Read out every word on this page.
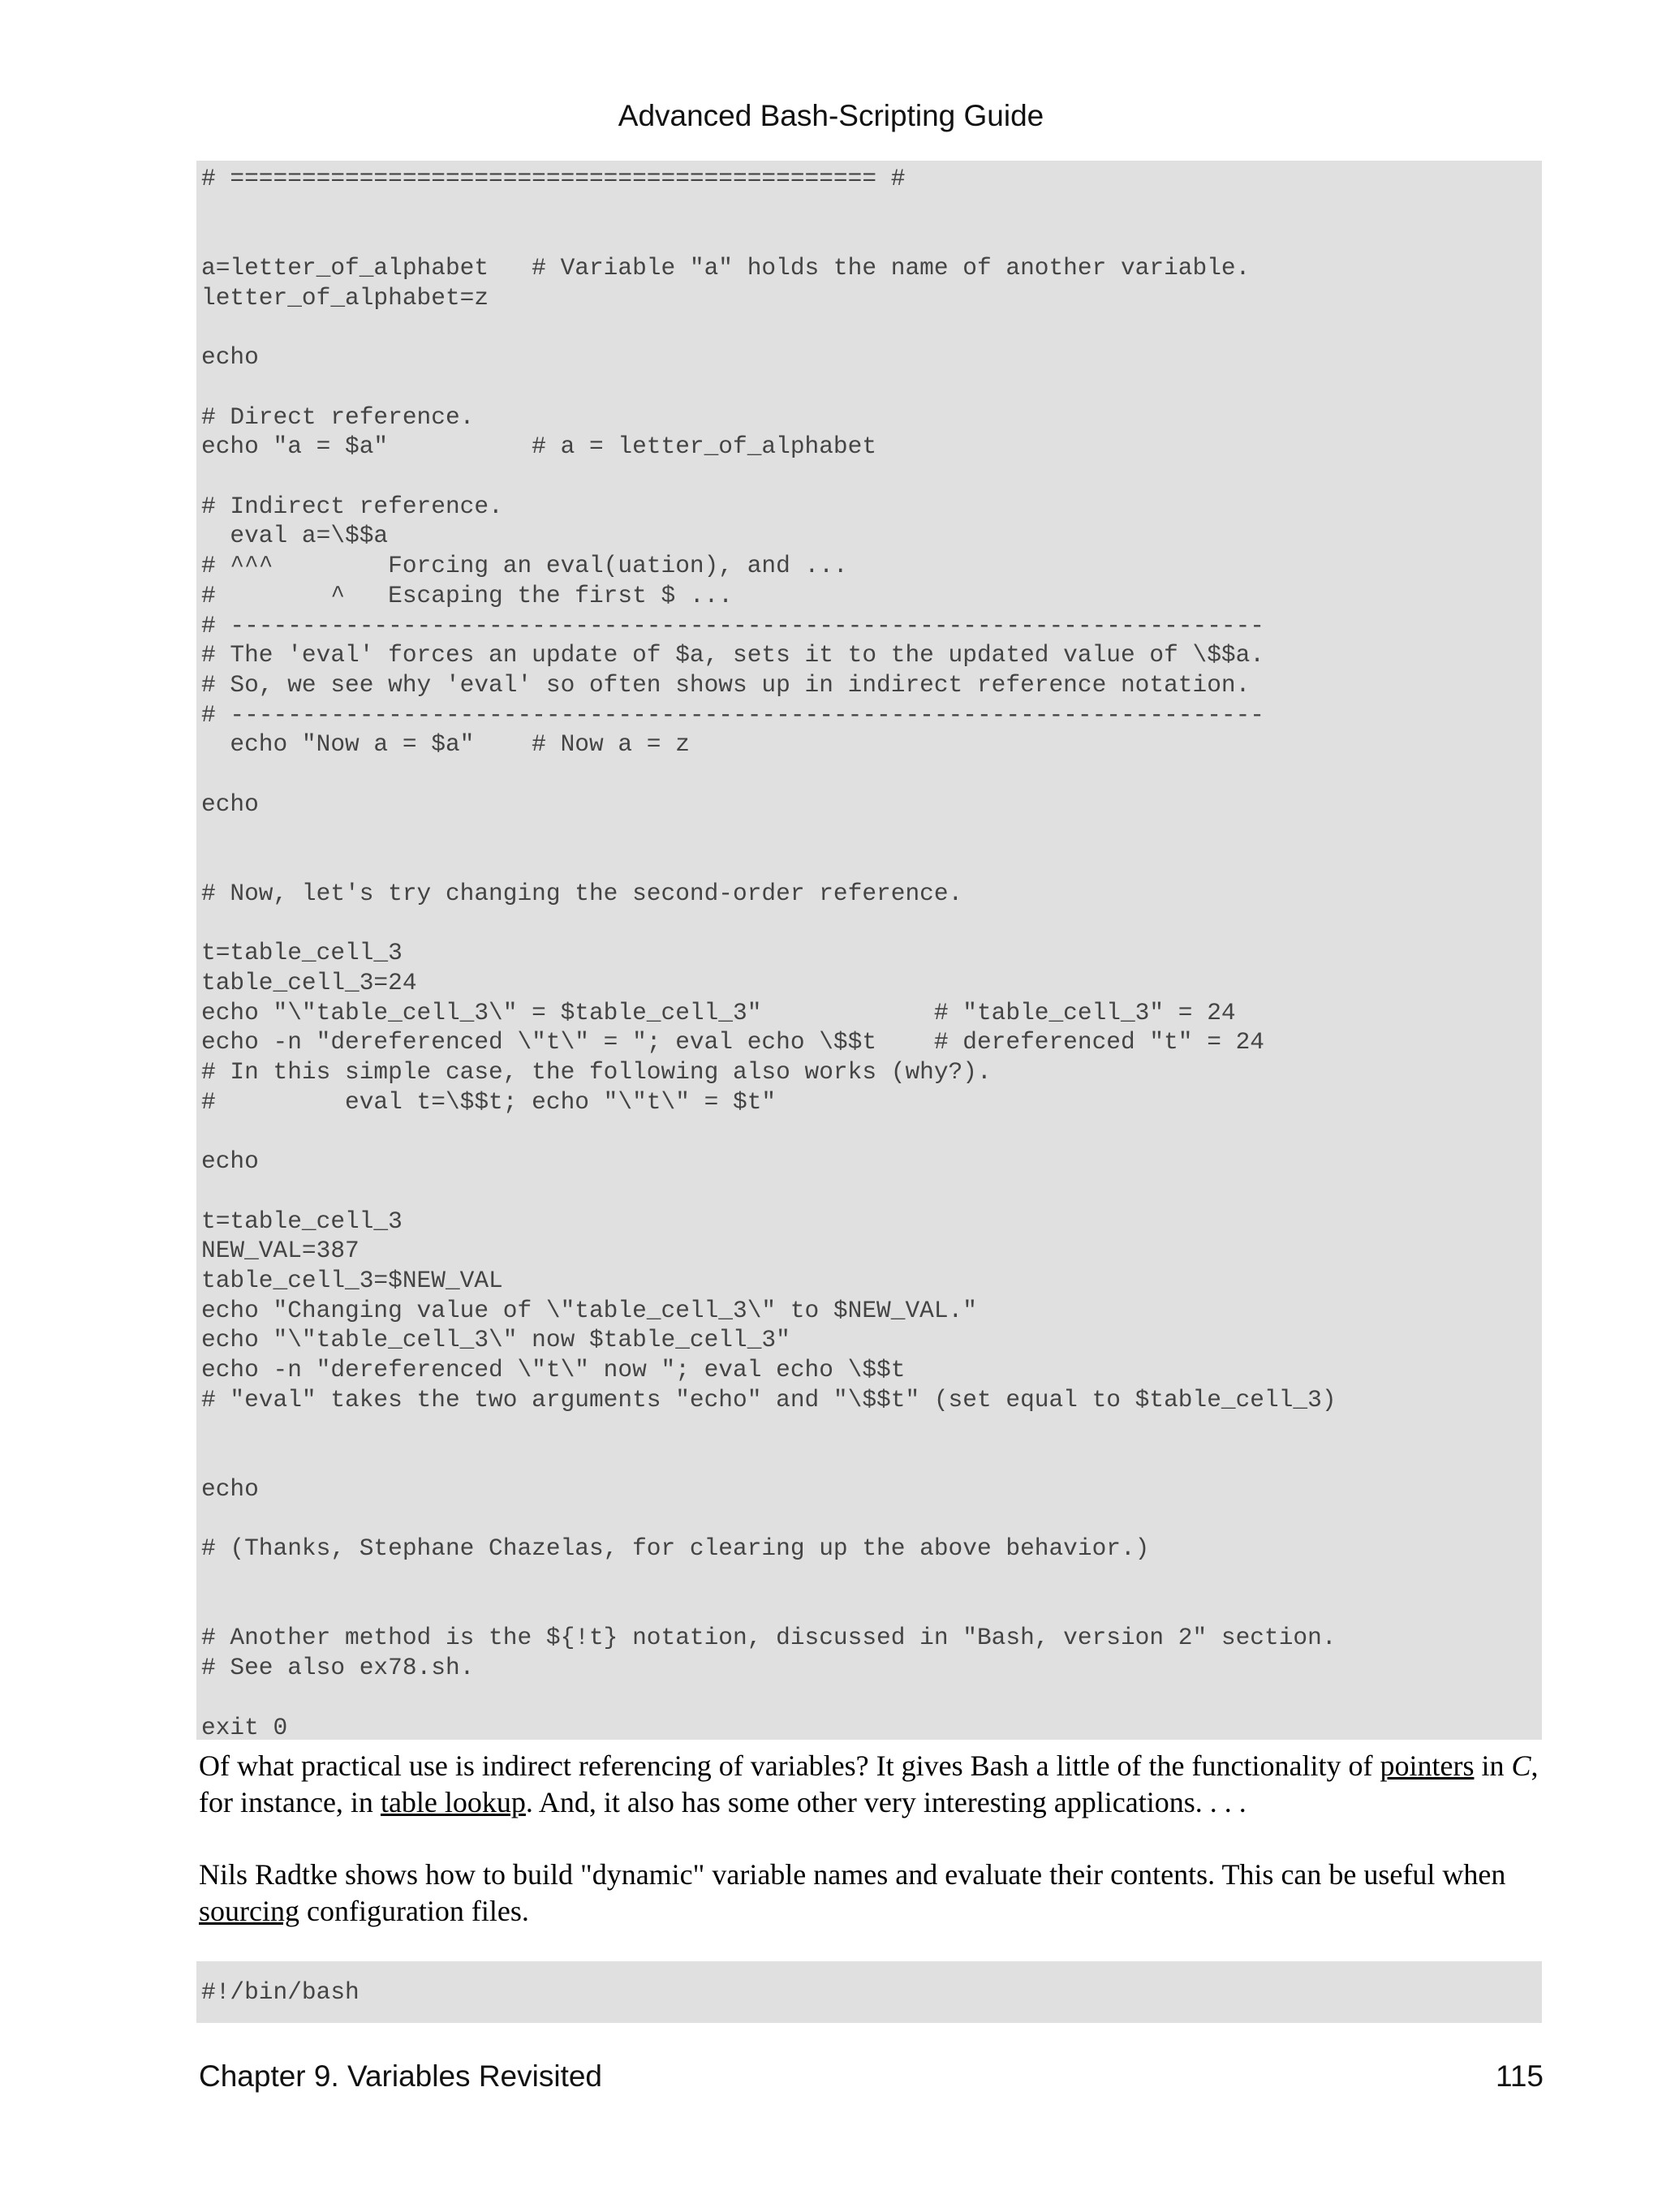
Advanced Bash-Scripting Guide
# ============================================= #

a=letter_of_alphabet   # Variable "a" holds the name of another variable.
letter_of_alphabet=z

echo

# Direct reference.
echo "a = $a"          # a = letter_of_alphabet

# Indirect reference.
eval a=\$$a
# ^^^        Forcing an eval(uation), and ...
#        ^   Escaping the first $ ...
# ------------------------------------------------------------------------
# The 'eval' forces an update of $a, sets it to the updated value of \$$a.
# So, we see why 'eval' so often shows up in indirect reference notation.
# ------------------------------------------------------------------------
echo "Now a = $a"    # Now a = z

echo

# Now, let's try changing the second-order reference.

t=table_cell_3
table_cell_3=24
echo "\"table_cell_3\" = $table_cell_3"            # "table_cell_3" = 24
echo -n "dereferenced \"t\" = "; eval echo \$$t    # dereferenced "t" = 24
# In this simple case, the following also works (why?).
#         eval t=\$$t; echo "\"t\" = $t"

echo

t=table_cell_3
NEW_VAL=387
table_cell_3=$NEW_VAL
echo "Changing value of \"table_cell_3\" to $NEW_VAL."
echo "\"table_cell_3\" now $table_cell_3"
echo -n "dereferenced \"t\" now "; eval echo \$$t
# "eval" takes the two arguments "echo" and "\$$t" (set equal to $table_cell_3)

echo

# (Thanks, Stephane Chazelas, for clearing up the above behavior.)

# Another method is the ${!t} notation, discussed in "Bash, version 2" section.
# See also ex78.sh.

exit 0
Of what practical use is indirect referencing of variables? It gives Bash a little of the functionality of pointers in C, for instance, in table lookup. And, it also has some other very interesting applications. . . .
Nils Radtke shows how to build "dynamic" variable names and evaluate their contents. This can be useful when sourcing configuration files.
#!/bin/bash
Chapter 9. Variables Revisited	115
